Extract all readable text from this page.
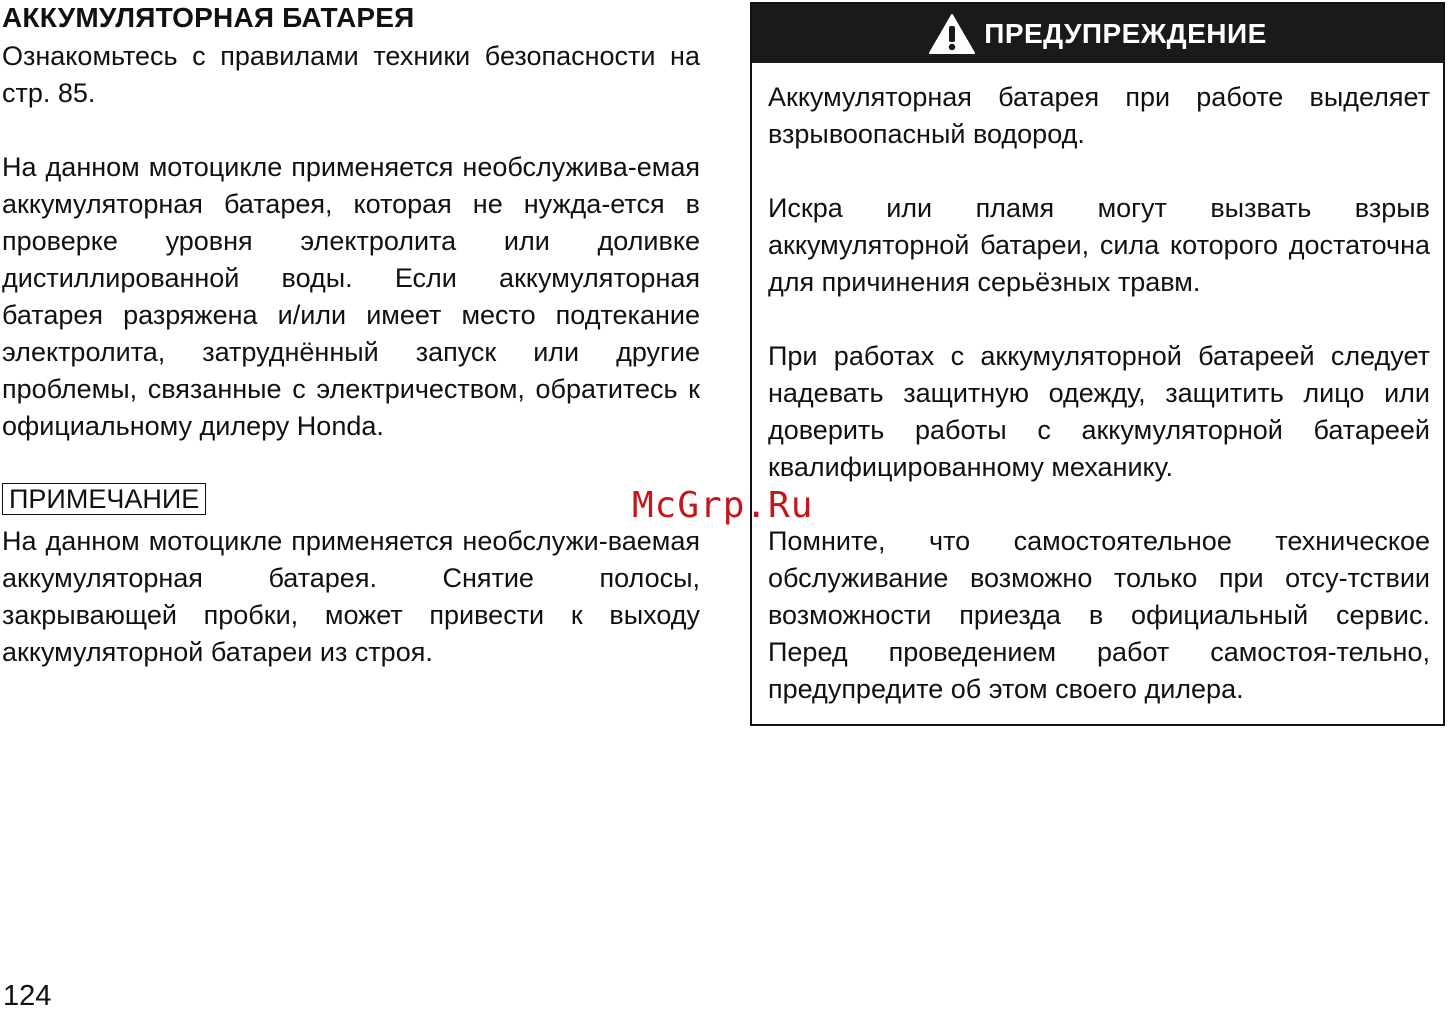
АККУМУЛЯТОРНАЯ БАТАРЕЯ

Ознакомьтесь с правилами техники безопасности на стр. 85.

На данном мотоцикле применяется необслужива-емая аккумуляторная батарея, которая не нужда-ется в проверке уровня электролита или доливке дистиллированной воды. Если аккумуляторная батарея разряжена и/или имеет место подтекание электролита, затруднённый запуск или другие проблемы, связанные с электричеством, обратитесь к официальному дилеру Honda.

ПРИМЕЧАНИЕ

На данном мотоцикле применяется необслужи-ваемая аккумуляторная батарея. Снятие полосы, закрывающей пробки, может привести к выходу аккумуляторной батареи из строя.

ПРЕДУПРЕЖДЕНИЕ

Аккумуляторная батарея при работе выделяет взрывоопасный водород.

Искра или пламя могут вызвать взрыв аккумуляторной батареи, сила которого достаточна для причинения серьёзных травм.

При работах с аккумуляторной батареей следует надевать защитную одежду, защитить лицо или доверить работы с аккумуляторной батареей квалифицированному механику.

Помните, что самостоятельное техническое обслуживание возможно только при отсу-тствии возможности приезда в официальный сервис. Перед проведением работ самостоя-тельно, предупредите об этом своего дилера.

McGrp.Ru
124
